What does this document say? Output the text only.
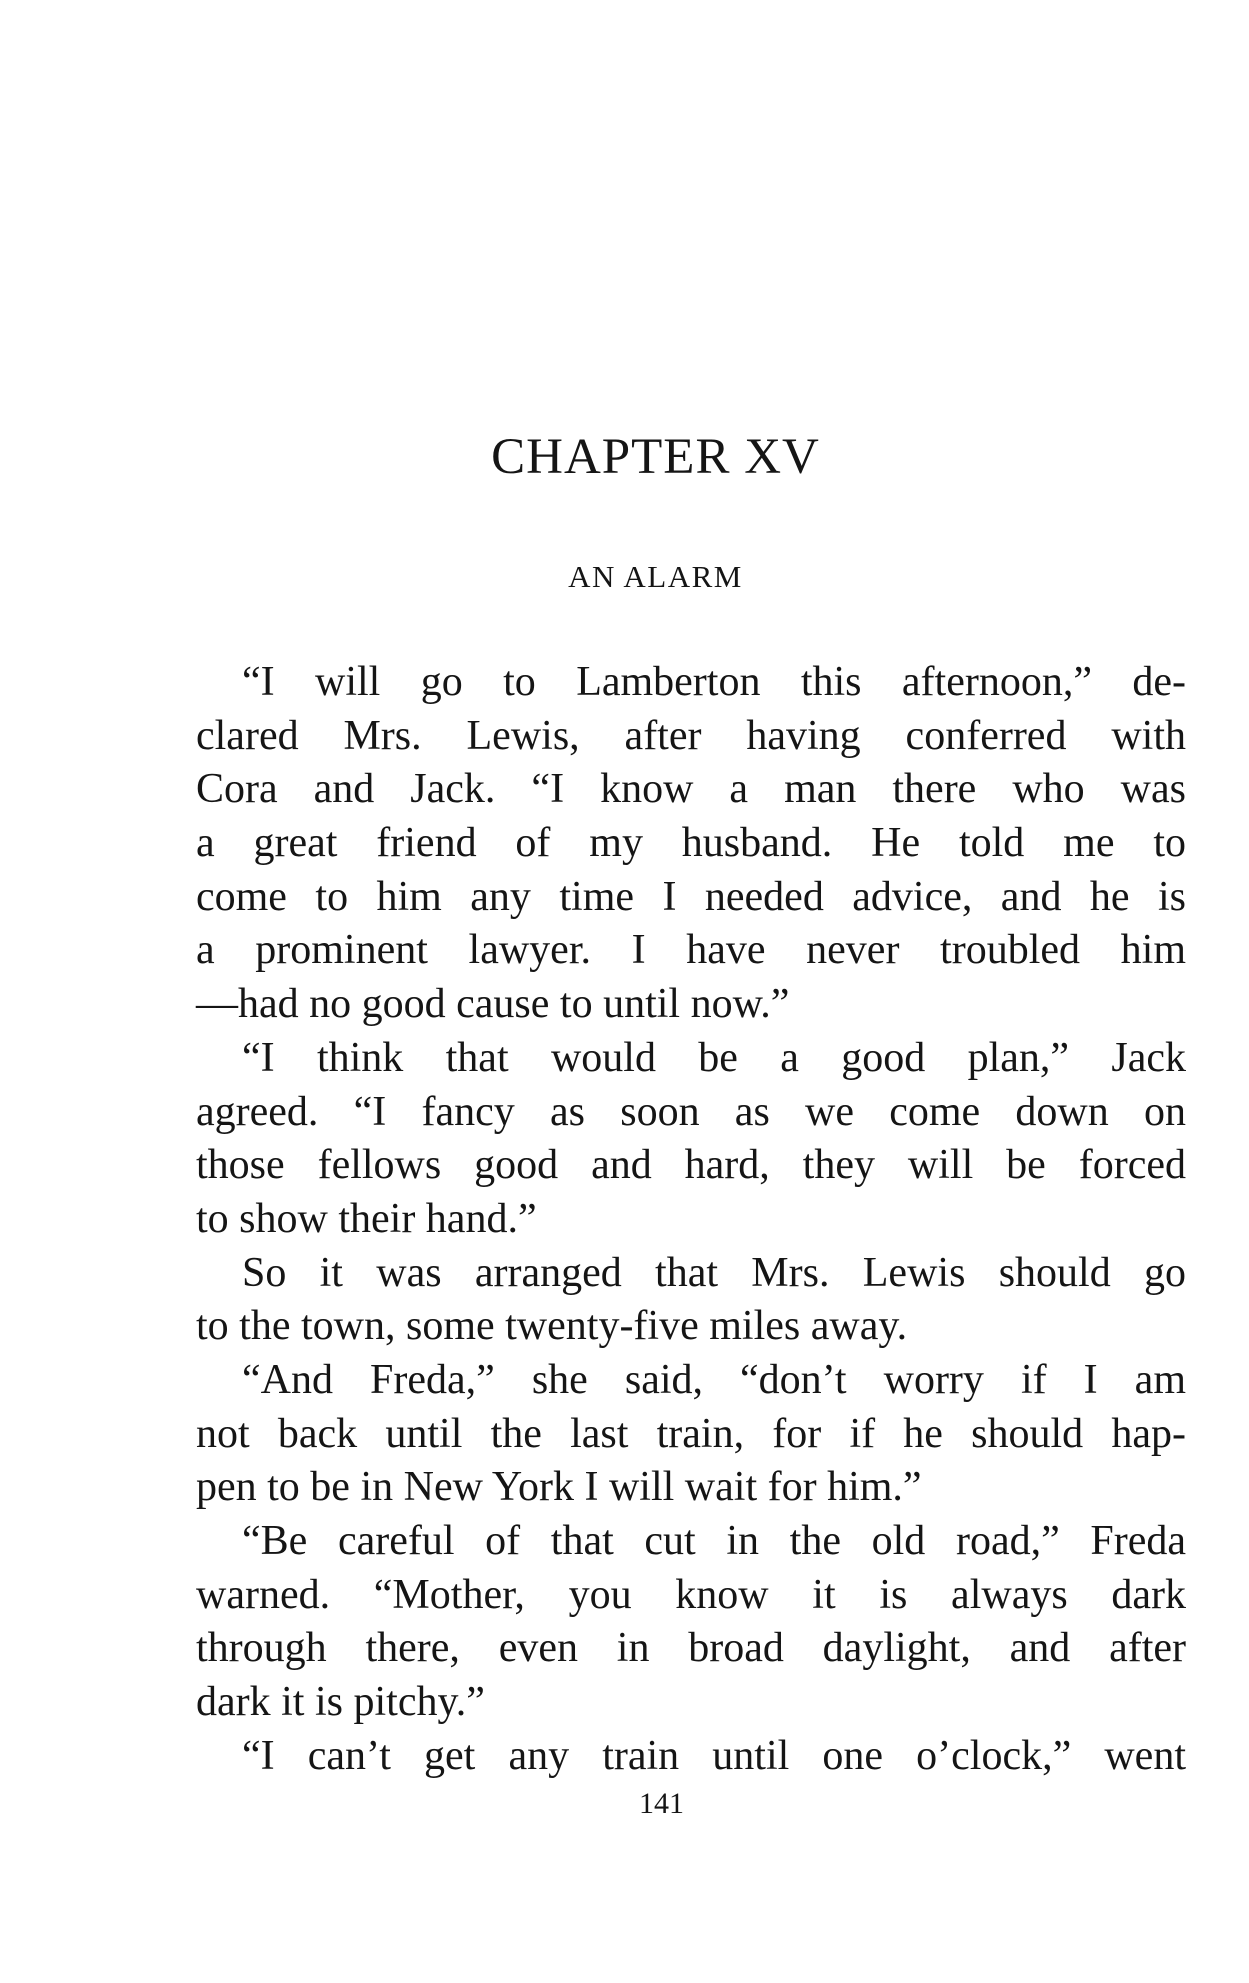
CHAPTER XV
AN ALARM
“I will go to Lamberton this afternoon,” de-
clared Mrs. Lewis, after having conferred with
Cora and Jack. “I know a man there who was
a great friend of my husband. He told me to
come to him any time I needed advice, and he is
a prominent lawyer. I have never troubled him
—had no good cause to until now.”
“I think that would be a good plan,” Jack
agreed. “I fancy as soon as we come down on
those fellows good and hard, they will be forced
to show their hand.”
So it was arranged that Mrs. Lewis should go
to the town, some twenty-five miles away.
“And Freda,” she said, “don’t worry if I am
not back until the last train, for if he should hap-
pen to be in New York I will wait for him.”
“Be careful of that cut in the old road,” Freda
warned. “Mother, you know it is always dark
through there, even in broad daylight, and after
dark it is pitchy.”
“I can’t get any train until one o’clock,” went
141
